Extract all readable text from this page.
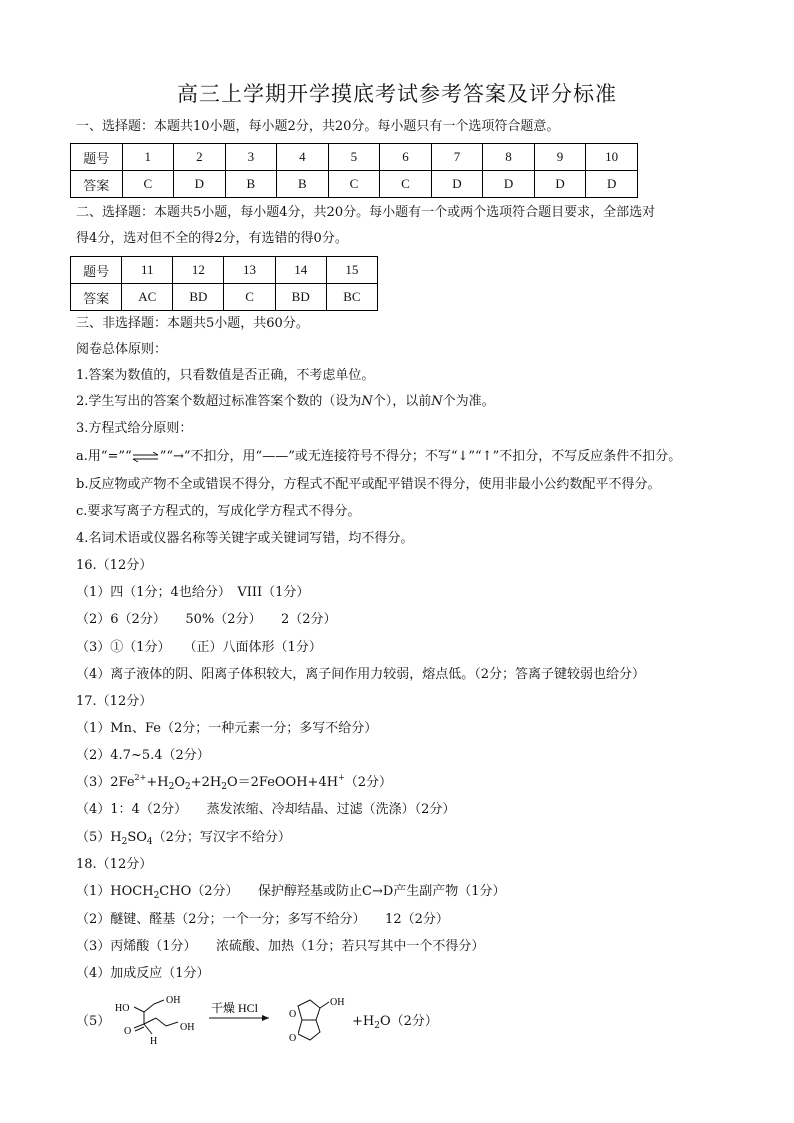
高三上学期开学摸底考试参考答案及评分标准
一、选择题：本题共10小题，每小题2分，共20分。每小题只有一个选项符合题意。
题号	1	2	3	4	5	6	7	8	9	10
答案	C	D	B	B	C	C	D	D	D	D
二、选择题：本题共5小题，每小题4分，共20分。每小题有一个或两个选项符合题目要求，全部选对
得4分，选对但不全的得2分，有选错的得0分。
题号	11	12	13	14	15
答案	AC	BD	C	BD	BC
三、非选择题：本题共5小题，共60分。
阅卷总体原则：
1.答案为数值的，只看数值是否正确，不考虑单位。
2.学生写出的答案个数超过标准答案个数的（设为N个），以前N个为准。
3.方程式给分原则：
a.用“=”“⇌”“→”不扣分，用“——”或无连接符号不得分；不写“↓”“↑”不扣分，不写反应条件不扣分。
b.反应物或产物不全或错误不得分，方程式不配平或配平错误不得分，使用非最小公约数配平不得分。
c.要求写离子方程式的，写成化学方程式不得分。
4.名词术语或仪器名称等关键字或关键词写错，均不得分。
16.（12分）
（1）四（1分；4也给分）　VIII（1分）
（2）6（2分）　　50%（2分）　　2（2分）
（3）①（1分）　　（正）八面体形（1分）
（4）离子液体的阴、阳离子体积较大，离子间作用力较弱，熔点低。（2分；答离子键较弱也给分）
17.（12分）
（1）Mn、Fe（2分；一种元素一分；多写不给分）
（2）4.7~5.4（2分）
$(3)2Fe^{2+}+H_2O_2+2H_2O=2FeOOH+4H^+(2$分）
（4）1：4（2分）　　蒸发浓缩、冷却结晶、过滤（洗涤）（2分）
$(5)H_2SO_4(2$分；写汉字不给分）
18.（12分）
$(1)HOCH_2CHO(2$分）　　保护醇羟基或防止C→D产生副产物（1分）
（2）醚键、醛基（2分；一个一分；多写不给分）　　12（2分）
（3）丙烯酸（1分）　　浓硫酸、加热（1分；若只写其中一个不得分）
（4）加成反应（1分）
（5）
HO
OH
O
H
OH
干燥 HCl	OH
O
O
$+H_2O(2$分）
